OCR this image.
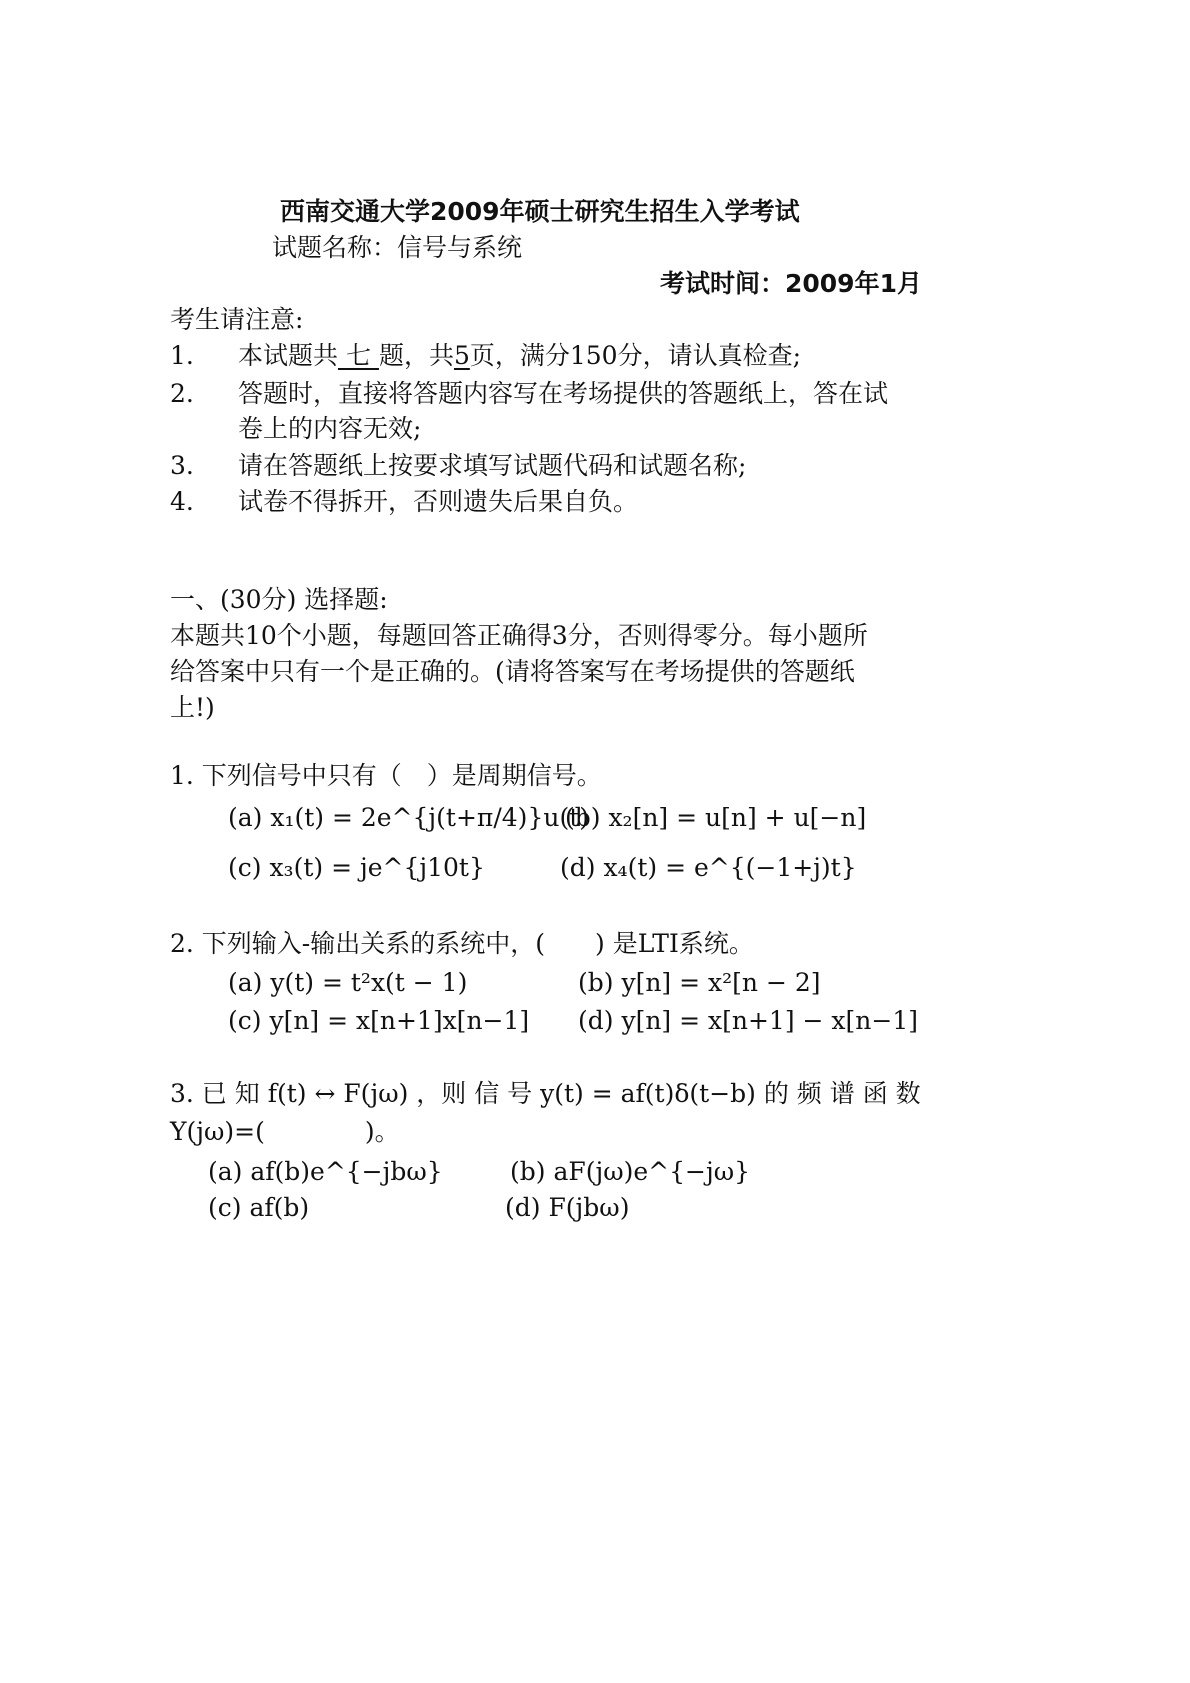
西南交通大学2009年硕士研究生招生入学考试
试题名称：信号与系统
考试时间：2009年1月
考生请注意:
1. 本试题共 七 题，共5页，满分150分，请认真检查;
2. 答题时，直接将答题内容写在考场提供的答题纸上，答在试
卷上的内容无效;
3. 请在答题纸上按要求填写试题代码和试题名称;
4. 试卷不得拆开，否则遗失后果自负。
一、(30分) 选择题:
本题共10个小题，每题回答正确得3分，否则得零分。每小题所
给答案中只有一个是正确的。(请将答案写在考场提供的答题纸
上!)
1. 下列信号中只有（　）是周期信号。
(a) x₁(t) = 2e^{j(t+π/4)}u(t)
(b) x₂[n] = u[n] + u[−n]
(c) x₃(t) = je^{j10t}	(d) x₄(t) = e^{(−1+j)t}
2. 下列输入-输出关系的系统中，(　　) 是LTI系统。
(a) y(t) = t²x(t − 1)	(b) y[n] = x²[n − 2]
(c) y[n] = x[n+1]x[n−1] (d) y[n] = x[n+1] − x[n−1]
3. 已 知 f(t) ↔ F(jω) ，则 信 号 y(t) = af(t)δ(t−b) 的 频 谱 函 数
Y(jω)=(　　　　)。
(a) af(b)e^{−jbω}	(b) aF(jω)e^{−jω}
(c) af(b)	(d) F(jbω)
